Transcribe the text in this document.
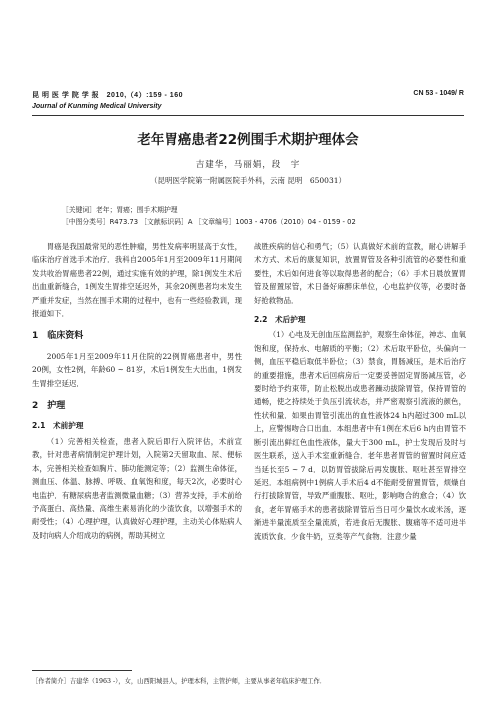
昆 明 医 学 院 学 报　2010,（4）:159 - 160
Journal of Kunming Medical University
CN 53 - 1049/ R
老年胃癌患者22例围手术期护理体会
吉建华，马丽娟，段　宇
（昆明医学院第一附属医院手外科，云南 昆明　650031）
［关键词］老年；胃癌；围手术期护理
［中图分类号］R473.73 ［文献标识码］A ［文章编号］1003 - 4706（2010）04 - 0159 - 02

胃癌是我国最常见的恶性肿瘤，男性发病率明显高于女性，临床治疗首选手术治疗．我科自2005年1月至2009年11月期间发共收治胃癌患者22例，通过实施有效的护理，除1例发生术后出血重新缝合，1例发生胃排空延迟外，其余20例患者均未发生严重并发症，当然在围手术期的过程中，也有一些经验教训，现报道如下．

1　临床资料

2005年1月至2009年11月住院的22例胃癌患者中，男性20例，女性2例，年龄60 ~ 81岁，术后1例发生大出血，1例发生胃排空延迟．

2　护理
2.1　术前护理

（1）完善相关检查，患者入院后即行入院评估，术前宣教，针对患者病情制定护理计划，入院第2天留取血、尿、便标本，完善相关检查如胸片、肺功能测定等；（2）监测生命体征，测血压、体温、脉搏、呼吸、血氧饱和度，每天2次，必要时心电监护．有糖尿病患者监测微量血糖；（3）营养支持，手术前给予高蛋白、高热量、高维生素易消化的少渣饮食，以增强手术的耐受性；（4）心理护理，认真做好心理护理，主动关心体贴病人及时向病人介绍成功的病例，帮助其树立

战胜疾病的信心和勇气；（5）认真做好术前的宣教，耐心讲解手术方式、术后的康复知识，放置胃管及各种引流管的必要性和重要性，术后如何进食等以取得患者的配合；（6）手术日晨放置胃管及留置尿管，术日备好麻醉床单位，心电监护仪等，必要时备好抢救物品．

2.2　术后护理

（1）心电及无创血压监测监护，观察生命体征，神志、血氧饱和度，保持水、电解质的平衡；（2）术后取平卧位，头偏向一侧，血压平稳后取低半卧位；（3）禁食，胃肠减压，是术后治疗的重要措施，患者术后回病房后一定要妥善固定胃肠减压管，必要时给予约束带，防止松脱出或患者躁动拔除胃管，保持胃管的通畅，使之持续处于负压引流状态，并严密观察引流液的颜色，性状和量．如果由胃管引流出的血性液体24 h内超过300 mL以上，应警惕吻合口出血．本组患者中有1例在术后6 h内由胃管不断引流出鲜红色血性液体，量大于300 mL，护士发现后及时与医生联系，送入手术室重新缝合．老年患者胃管的留置时间应适当延长至5 ~ 7 d．以防胃管拔除后再发腹胀、呕吐甚至胃排空延迟．本组病例中1例病人手术后4 d不能耐受留置胃管，烦燥自行打拔除胃管，导致严重腹胀、呕吐，影响吻合的愈合；（4）饮食，老年胃癌手术的患者拔除胃管后当日可少量饮水或米汤，逐渐进半量流质至全量流质，若进食后无腹胀、腹痛等不适可进半流质饮食．少食牛奶，豆类等产气食物．注意少量

［作者简介］吉建华（1963 -），女，山西阳城县人，护理本科，主管护师，主要从事老年临床护理工作．
